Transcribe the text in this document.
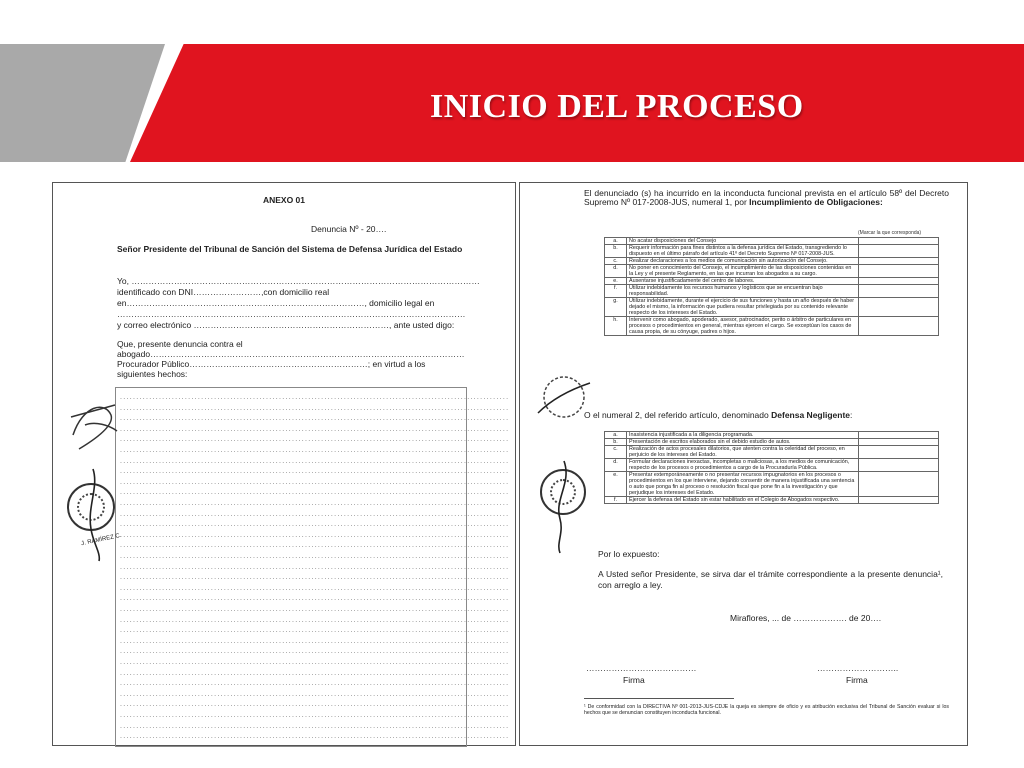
INICIO DEL PROCESO
ANEXO 01
Denuncia Nº - 20….
Señor Presidente del Tribunal de Sanción del Sistema de Defensa Jurídica del Estado
Yo, ……………………………………………………………………………………………………………
identificado con DNI……………………,con domicilio real
en…………………………………………………………………………, domicilio legal en
……………………………………………………………………………………………………………
y correo electrónico ……………………………………………………………, ante usted digo:
Que, presente denuncia contra el
abogado…………………………………………………………………………………………………
Procurador Público………………………………………………………; en virtud a los
siguientes hechos:
........................................................................................................................
........................................................................................................................
........................................................................................................................
........................................................................................................................
........................................................................................................................
........................................................................................................................
........................................................................................................................
........................................................................................................................
........................................................................................................................
........................................................................................................................
........................................................................................................................
........................................................................................................................
........................................................................................................................
........................................................................................................................
........................................................................................................................
........................................................................................................................
........................................................................................................................
........................................................................................................................
........................................................................................................................
........................................................................................................................
........................................................................................................................
........................................................................................................................
........................................................................................................................
........................................................................................................................
........................................................................................................................
........................................................................................................................
........................................................................................................................
........................................................................................................................
........................................................................................................................
........................................................................................................................
........................................................................................................................
........................................................................................................................
........................................................................................................................
J. RAMÍREZ C.
El denunciado (s) ha incurrido en la inconducta funcional prevista en el artículo 58º del Decreto Supremo Nº 017-2008-JUS, numeral 1, por Incumplimiento de Obligaciones:
(Marcar la que corresponda)
a.	No acatar disposiciones del Consejo	
b.	Requerir información para fines distintos a la defensa jurídica del Estado, transgrediendo lo dispuesto en el último párrafo del artículo 41º del Decreto Supremo Nº 017-2008-JUS.	
c.	Realizar declaraciones a los medios de comunicación sin autorización del Consejo.	
d.	No poner en conocimiento del Consejo, el incumplimiento de las disposiciones contenidas en la Ley y el presente Reglamento, en las que incurran los abogados a su cargo.	
e.	Ausentarse injustificadamente del centro de labores.	
f.	Utilizar indebidamente los recursos humanos y logísticos que se encuentran bajo responsabilidad.	
g.	Utilizar indebidamente, durante el ejercicio de sus funciones y hasta un año después de haber dejado el mismo, la información que pudiera resultar privilegiada por su contenido relevante respecto de los intereses del Estado.	
h.	Intervenir como abogado, apoderado, asesor, patrocinador, perito o árbitro de particulares en procesos o procedimientos en general, mientras ejercen el cargo. Se exceptúan los casos de causa propia, de su cónyuge, padres o hijos.	
O el numeral 2, del referido artículo, denominado Defensa Negligente:
a.	Inasistencia injustificada a la diligencia programada.	
b.	Presentación de escritos elaborados sin el debido estudio de autos.	
c.	Realización de actos procesales dilatorios, que atenten contra la celeridad del proceso, en perjuicio de los intereses del Estado.	
d.	Formular declaraciones inexactas, incompletas o maliciosas, a los medios de comunicación, respecto de los procesos o procedimientos a cargo de la Procuraduría Pública.	
e.	Presentar extemporáneamente o no presentar recursos impugnatorios en los procesos o procedimientos en los que interviene, dejando consentir de manera injustificada una sentencia o auto que ponga fin al proceso o resolución fiscal que pone fin a la investigación y que perjudique los intereses del Estado.	
f.	Ejercer la defensa del Estado sin estar habilitado en el Colegio de Abogados respectivo.	
Por lo expuesto:
A Usted señor Presidente, se sirva dar el trámite correspondiente a la presente denuncia¹, con arreglo a ley.
Miraflores, ... de ………………. de 20….
…………………………………	………………………..
Firma	Firma
¹ De conformidad con la DIRECTIVA Nº 001-2013-JUS-CDJE la queja es siempre de oficio y es atribución exclusiva del Tribunal de Sanción evaluar si los hechos que se denuncian constituyen inconducta funcional.
